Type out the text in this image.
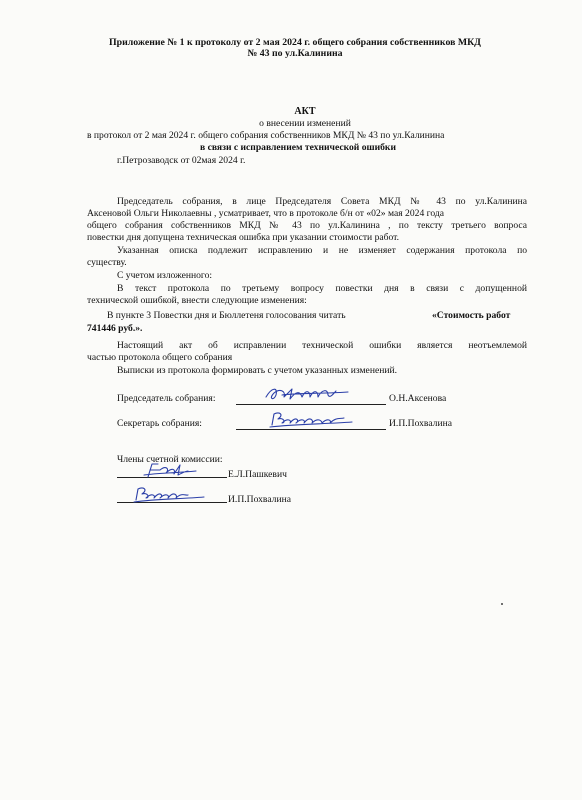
Приложение № 1 к протоколу от 2 мая 2024 г. общего собрания собственников МКД
№ 43 по ул.Калинина
АКТ
о внесении изменений
в протокол от 2 мая 2024 г. общего собрания собственников МКД № 43 по ул.Калинина
в связи с исправлением технической ошибки
г.Петрозаводск от 02мая 2024 г.
Председатель собрания, в лице Председателя Совета МКД № 43 по ул.Калинина
Аксеновой Ольги Николаевны , усматривает, что в протоколе б/н от «02» мая 2024 года
общего собрания собственников МКД № 43 по ул.Калинина , по тексту третьего вопроса
повестки дня допущена техническая ошибка при указании стоимости работ.
Указанная описка подлежит исправлению и не изменяет содержания протокола по
существу.
С учетом изложенного:
В текст протокола по третьему вопросу повестки дня в связи с допущенной
технической ошибкой, внести следующие изменения:
В пункте 3 Повестки дня и Бюллетеня голосования читать	«Стоимость работ
741446 руб.».
Настоящий акт об исправлении технической ошибки является неотъемлемой
частью протокола общего собрания
Выписки из протокола формировать с учетом указанных изменений.
Председатель собрания:	О.Н.Аксенова
Секретарь собрания:	И.П.Похвалина
Члены счетной комиссии:
Е.Л.Пашкевич
И.П.Похвалина
